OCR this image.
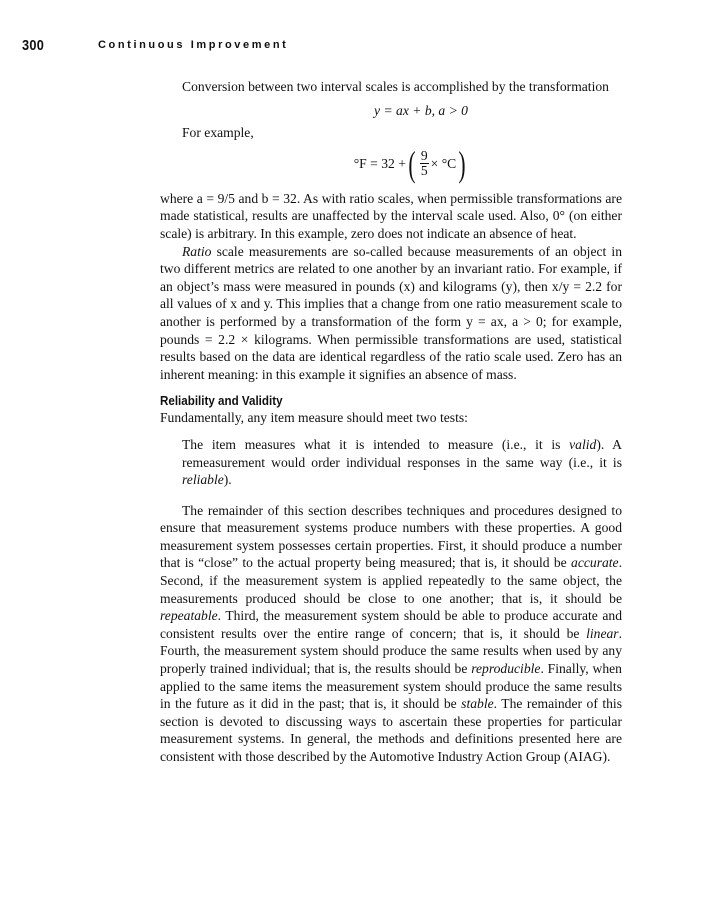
300	Continuous Improvement

Conversion between two interval scales is accomplished by the transformation

y = ax + b, a > 0

For example,

°F = 32 + ( $\frac{9}{5} \times ^\circ C$ )

where a = 9/5 and b = 32. As with ratio scales, when permissible transformations are made statistical, results are unaffected by the interval scale used. Also, 0° (on either scale) is arbitrary. In this example, zero does not indicate an absence of heat.

Ratio scale measurements are so-called because measurements of an object in two different metrics are related to one another by an invariant ratio. For example, if an object’s mass were measured in pounds (x) and kilograms (y), then x/y = 2.2 for all values of x and y. This implies that a change from one ratio measurement scale to another is performed by a transformation of the form y = ax, a > 0; for example, pounds = 2.2 × kilograms. When permissible transformations are used, statistical results based on the data are identical regardless of the ratio scale used. Zero has an inherent meaning: in this example it signifies an absence of mass.

Reliability and Validity

Fundamentally, any item measure should meet two tests:

The item measures what it is intended to measure (i.e., it is valid). A remeasurement would order individual responses in the same way (i.e., it is reliable).

The remainder of this section describes techniques and procedures designed to ensure that measurement systems produce numbers with these properties. A good measurement system possesses certain properties. First, it should produce a number that is “close” to the actual property being measured; that is, it should be accurate. Second, if the measurement system is applied repeatedly to the same object, the measurements produced should be close to one another; that is, it should be repeatable. Third, the measurement system should be able to produce accurate and consistent results over the entire range of concern; that is, it should be linear. Fourth, the measurement system should produce the same results when used by any properly trained individual; that is, the results should be reproducible. Finally, when applied to the same items the measurement system should produce the same results in the future as it did in the past; that is, it should be stable. The remainder of this section is devoted to discussing ways to ascertain these properties for particular measurement systems. In general, the methods and definitions presented here are consistent with those described by the Automotive Industry Action Group (AIAG).
